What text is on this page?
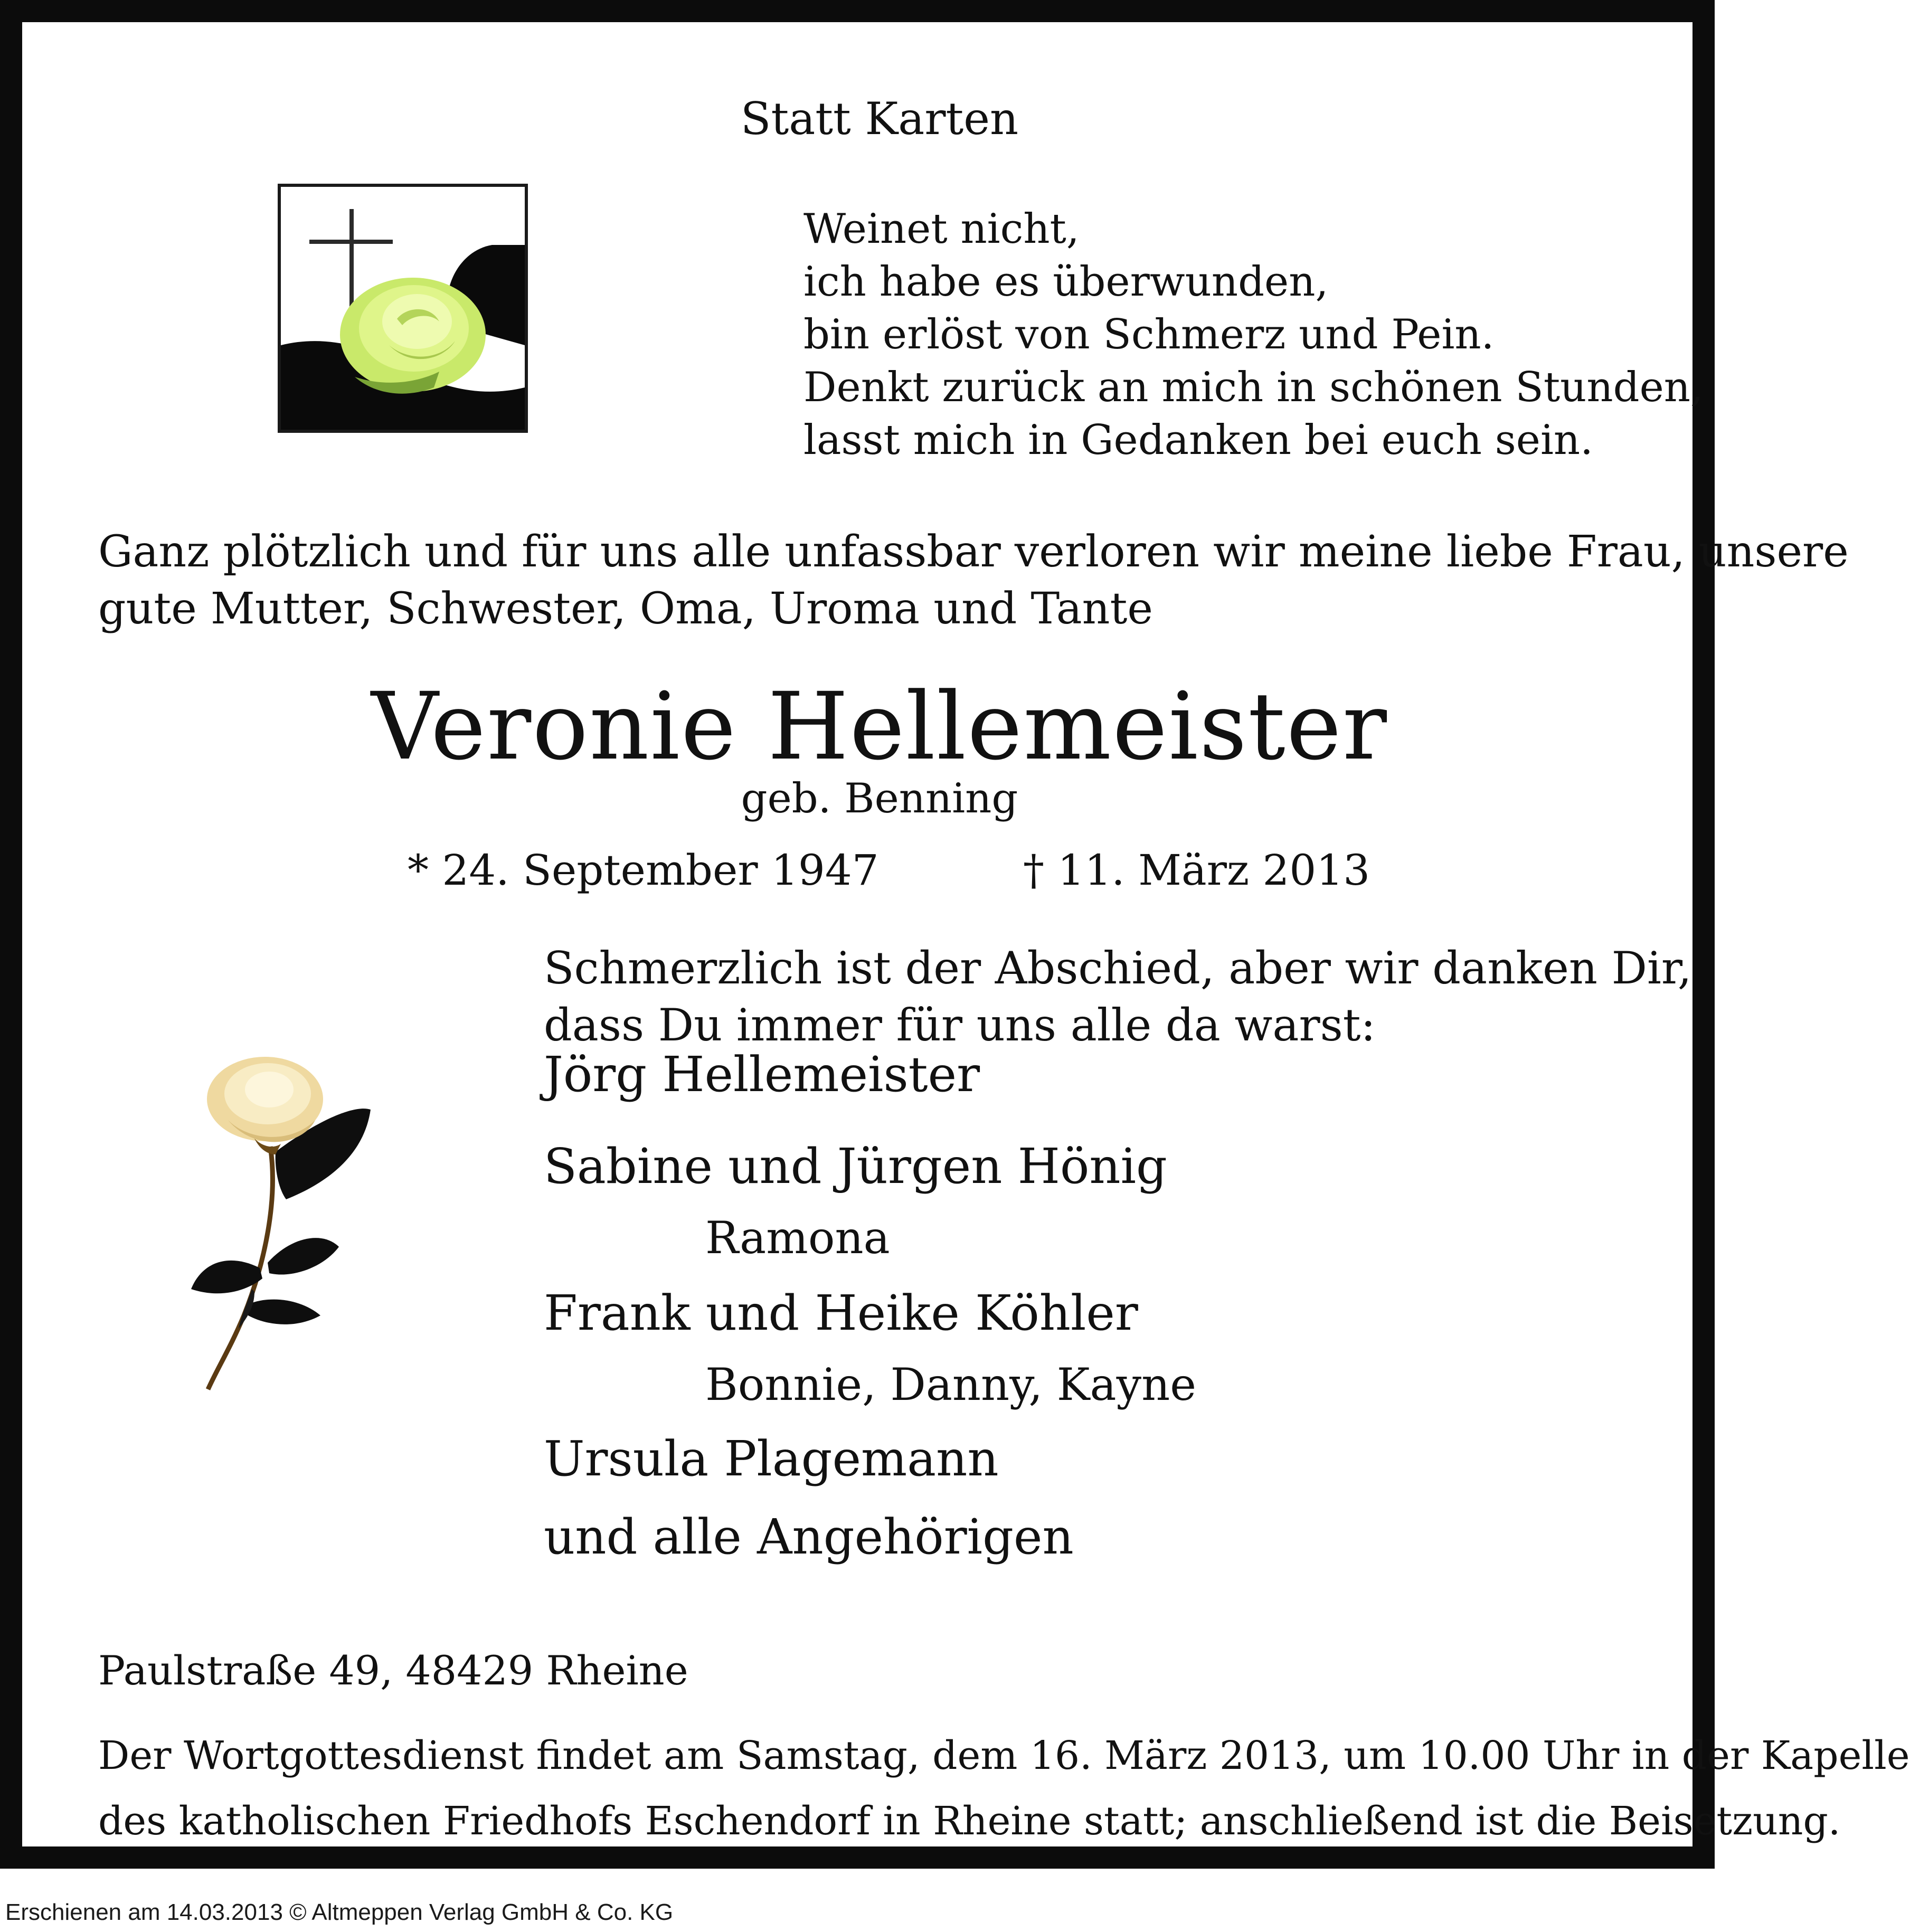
Statt Karten
Weinet nicht,
ich habe es überwunden,
bin erlöst von Schmerz und Pein.
Denkt zurück an mich in schönen Stunden,
lasst mich in Gedanken bei euch sein.
Ganz plötzlich und für uns alle unfassbar verloren wir meine liebe Frau, unsere
gute Mutter, Schwester, Oma, Uroma und Tante
Veronie Hellemeister
geb. Benning
* 24. September 1947	† 11. März 2013
Schmerzlich ist der Abschied, aber wir danken Dir,
dass Du immer für uns alle da warst:
Jörg Hellemeister
Sabine und Jürgen Hönig
Ramona
Frank und Heike Köhler
Bonnie, Danny, Kayne
Ursula Plagemann
und alle Angehörigen
Paulstraße 49, 48429 Rheine
Der Wortgottesdienst findet am Samstag, dem 16. März 2013, um 10.00 Uhr in der Kapelle
des katholischen Friedhofs Eschendorf in Rheine statt; anschließend ist die Beisetzung.
Erschienen am 14.03.2013 © Altmeppen Verlag GmbH & Co. KG
